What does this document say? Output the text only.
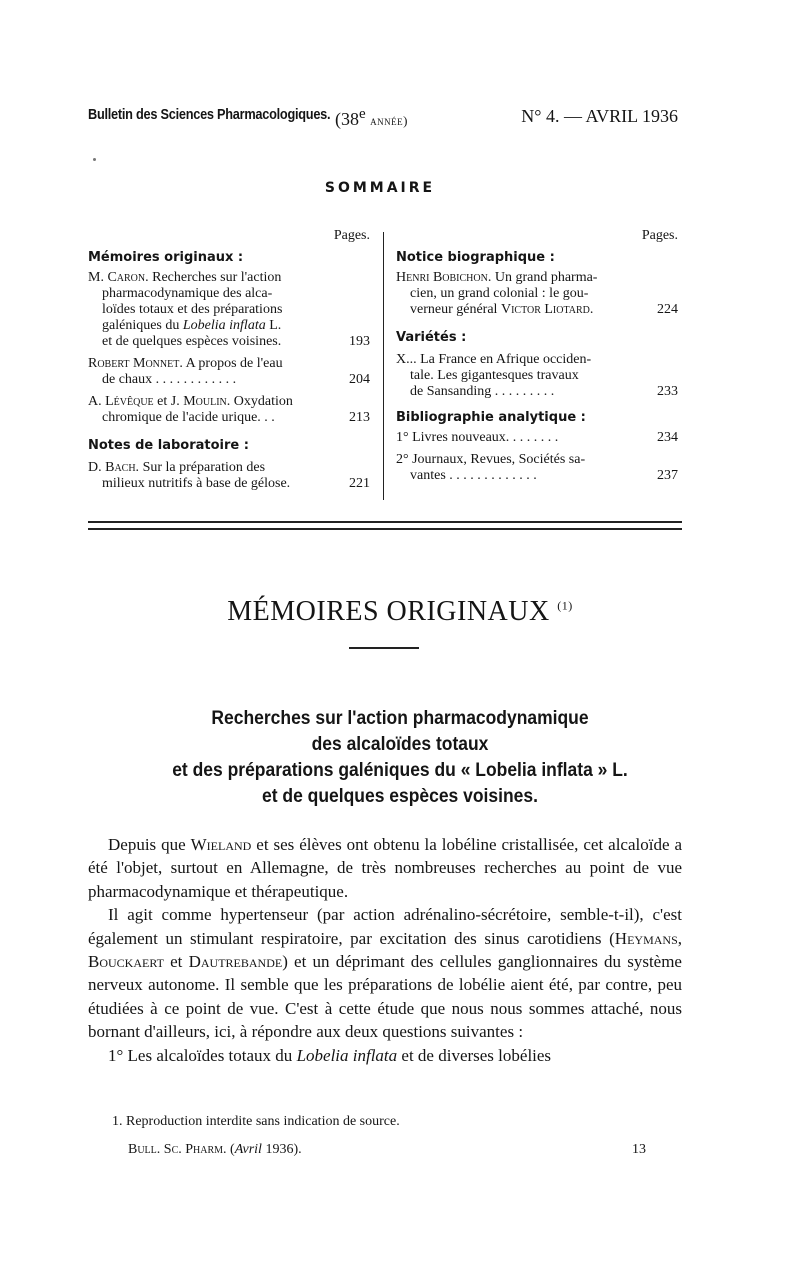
Bulletin des Sciences Pharmacologiques. (38e année)	N° 4. — AVRIL 1936
SOMMAIRE
Pages.
Mémoires originaux :
M. Caron. Recherches sur l'action
pharmacodynamique des alca-
loïdes totaux et des préparations
galéniques du Lobelia inflata L.
et de quelques espèces voisines.	193
Robert Monnet. A propos de l'eau
de chaux . . . . . . . . . . . .	204
A. Lévêque et J. Moulin. Oxydation
chromique de l'acide urique. . .	213
Notes de laboratoire :
D. Bach. Sur la préparation des
milieux nutritifs à base de gélose.	221
Pages.
Notice biographique :
Henri Bobichon. Un grand pharma-
cien, un grand colonial : le gou-
verneur général Victor Liotard.	224
Variétés :
X... La France en Afrique occiden-
tale. Les gigantesques travaux
de Sansanding . . . . . . . . .	233
Bibliographie analytique :
1° Livres nouveaux. . . . . . . .	234
2° Journaux, Revues, Sociétés sa-
vantes . . . . . . . . . . . . .	237
MÉMOIRES ORIGINAUX $^{(1)}$
Recherches sur l'action pharmacodynamique
des alcaloïdes totaux
et des préparations galéniques du « Lobelia inflata » L.
et de quelques espèces voisines.

Depuis que Wieland et ses élèves ont obtenu la lobéline cristallisée, cet alcaloïde a été l'objet, surtout en Allemagne, de très nombreuses recherches au point de vue pharmacodynamique et thérapeutique.

Il agit comme hypertenseur (par action adrénalino-sécrétoire, semble-t-il), c'est également un stimulant respiratoire, par excitation des sinus carotidiens (Heymans, Bouckaert et Dautrebande) et un déprimant des cellules ganglionnaires du système nerveux autonome. Il semble que les préparations de lobélie aient été, par contre, peu étudiées à ce point de vue. C'est à cette étude que nous nous sommes attaché, nous bornant d'ailleurs, ici, à répondre aux deux questions suivantes :

1° Les alcaloïdes totaux du Lobelia inflata et de diverses lobélies

1. Reproduction interdite sans indication de source.
Bull. Sc. Pharm. (Avril 1936).	13
